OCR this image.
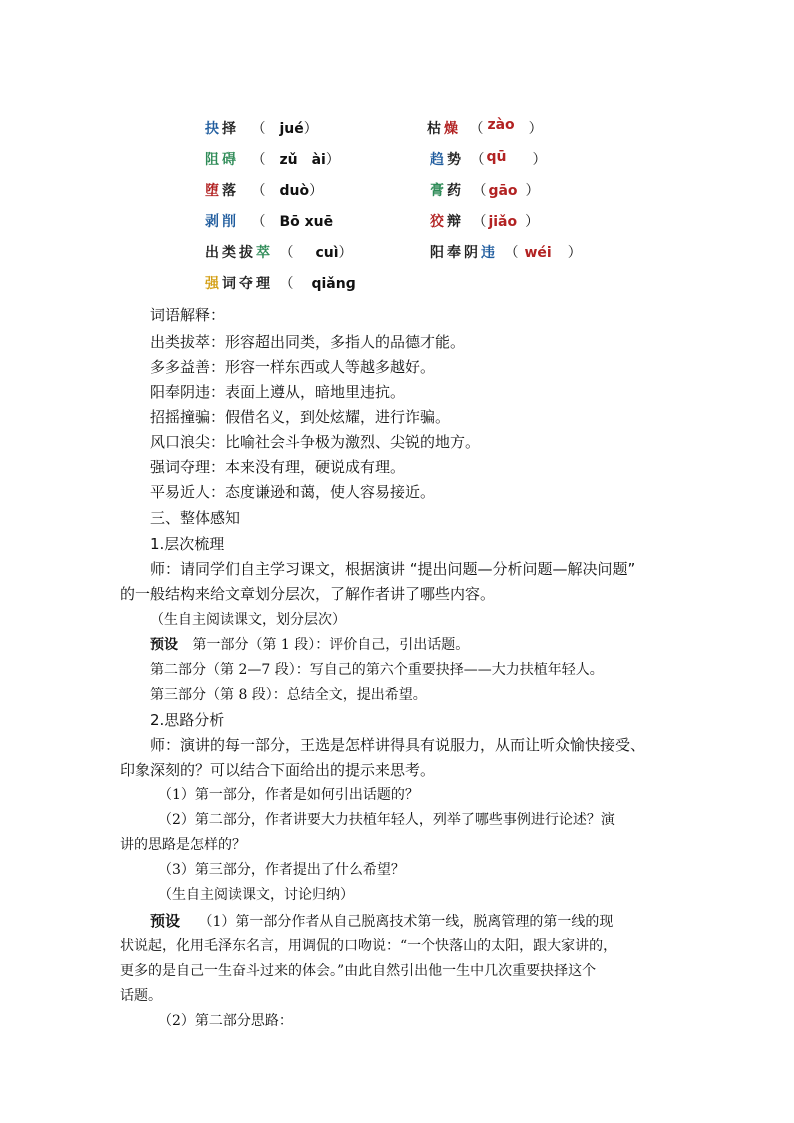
抉择 （ jué）	枯燥 （ zào ）
阻碍 （ zǔ　ài）	趋势 （ qū ）
堕落 （ duò）	膏药 （ gāo ）
剥削 （ Bō xuē	狡辩 （ jiǎo ）
出类拔萃 （ cuì）	阳奉阴违 （ wéi ）
强词夺理 （ qiǎnɡ
词语解释：
出类拔萃：形容超出同类，多指人的品德才能。
多多益善：形容一样东西或人等越多越好。
阳奉阴违：表面上遵从，暗地里违抗。
招摇撞骗：假借名义，到处炫耀，进行诈骗。
风口浪尖：比喻社会斗争极为激烈、尖锐的地方。
强词夺理：本来没有理，硬说成有理。
平易近人：态度谦逊和蔼，使人容易接近。
三、整体感知
1.层次梳理
师：请同学们自主学习课文，根据演讲 “提出问题—分析问题—解决问题”
的一般结构来给文章划分层次，了解作者讲了哪些内容。
（生自主阅读课文，划分层次）
预设 第一部分（第 1 段）：评价自己，引出话题。
第二部分（第 2—7 段）：写自己的第六个重要抉择——大力扶植年轻人。
第三部分（第 8 段）：总结全文，提出希望。
2.思路分析
师：演讲的每一部分，王选是怎样讲得具有说服力，从而让听众愉快接受、
印象深刻的？可以结合下面给出的提示来思考。
（1）第一部分，作者是如何引出话题的？
（2）第二部分，作者讲要大力扶植年轻人，列举了哪些事例进行论述？演
讲的思路是怎样的？
（3）第三部分，作者提出了什么希望？
（生自主阅读课文，讨论归纳）
预设 （1）第一部分作者从自己脱离技术第一线，脱离管理的第一线的现
状说起，化用毛泽东名言，用调侃的口吻说：“一个快落山的太阳，跟大家讲的，
更多的是自己一生奋斗过来的体会。”由此自然引出他一生中几次重要抉择这个
话题。
（2）第二部分思路：
